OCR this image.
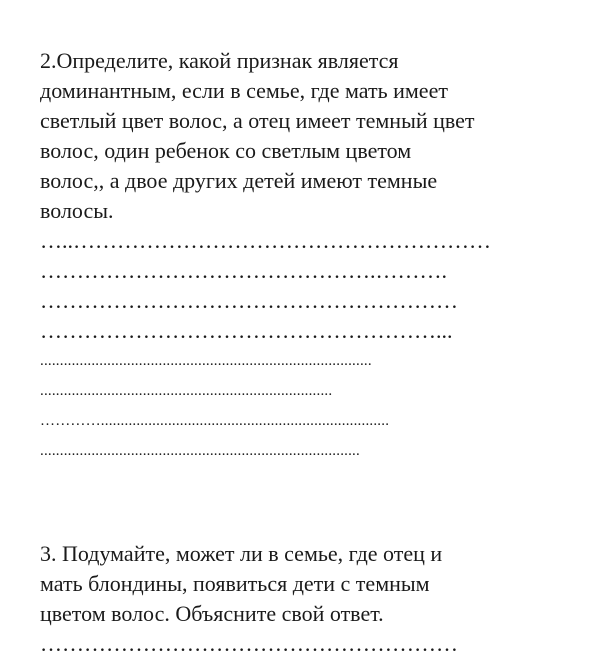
2.Определите, какой признак является
доминантным, если в семье, где мать имеет
светлый цвет волос, а отец имеет темный цвет
волос, один ребенок со светлым цветом
волос,, а двое других детей имеют темные
волосы.
…..…………………………………………………
……………………………………….……….
…………………………………………………
………………………………………………...
....................................................................................
..........................................................................
………….........................................................................
.................................................................................
3. Подумайте, может ли в семье, где отец и
мать блондины, появиться дети с темным
цветом волос. Объясните свой ответ.
…………………………………………………
